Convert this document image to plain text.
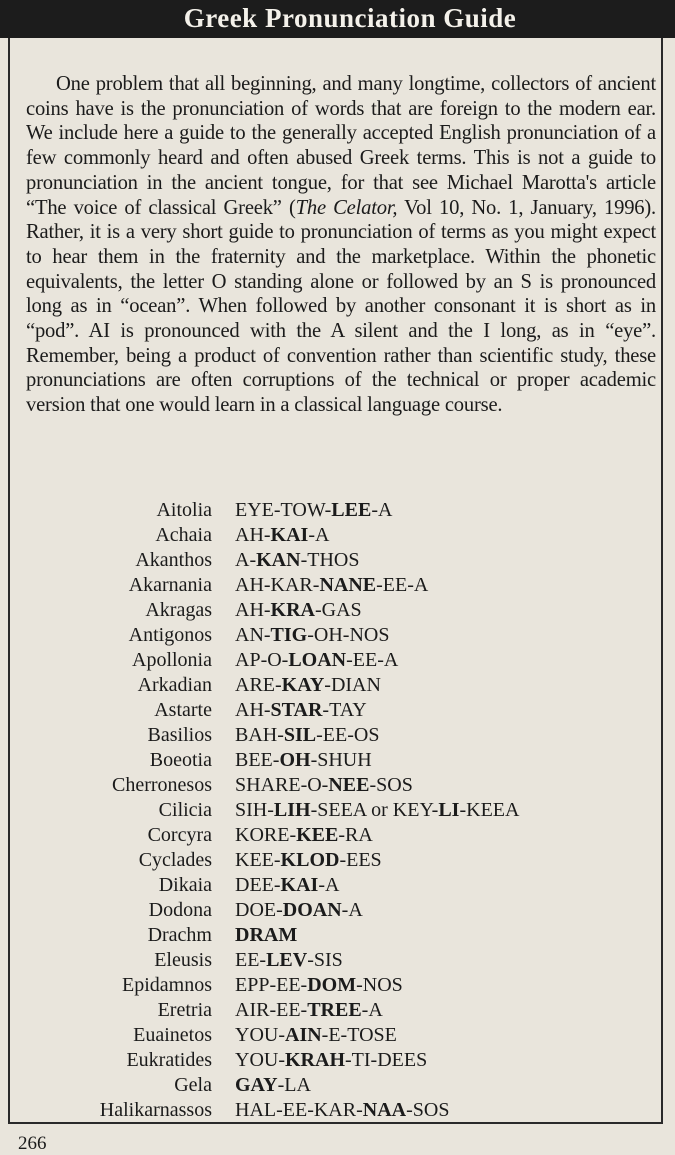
Greek Pronunciation Guide

One problem that all beginning, and many longtime, collectors of ancient coins have is the pronunciation of words that are foreign to the modern ear. We include here a guide to the generally accepted English pronunciation of a few commonly heard and often abused Greek terms. This is not a guide to pronunciation in the ancient tongue, for that see Michael Marotta's article “The voice of classical Greek” (The Celator, Vol 10, No. 1, January, 1996). Rather, it is a very short guide to pronunciation of terms as you might expect to hear them in the fraternity and the marketplace. Within the phonetic equivalents, the letter O standing alone or followed by an S is pronounced long as in “ocean”. When followed by another consonant it is short as in “pod”. AI is pronounced with the A silent and the I long, as in “eye”. Remember, being a product of convention rather than scientific study, these pronunciations are often corruptions of the technical or proper academic version that one would learn in a classical language course.

Aitolia EYE-TOW-LEE-A
Achaia AH-KAI-A
Akanthos A-KAN-THOS
Akarnania AH-KAR-NANE-EE-A
Akragas AH-KRA-GAS
Antigonos AN-TIG-OH-NOS
Apollonia AP-O-LOAN-EE-A
Arkadian ARE-KAY-DIAN
Astarte AH-STAR-TAY
Basilios BAH-SIL-EE-OS
Boeotia BEE-OH-SHUH
Cherronesos SHARE-O-NEE-SOS
Cilicia SIH-LIH-SEEA or KEY-LI-KEEA
Corcyra KORE-KEE-RA
Cyclades KEE-KLOD-EES
Dikaia DEE-KAI-A
Dodona DOE-DOAN-A
Drachm DRAM
Eleusis EE-LEV-SIS
Epidamnos EPP-EE-DOM-NOS
Eretria AIR-EE-TREE-A
Euainetos YOU-AIN-E-TOSE
Eukratides YOU-KRAH-TI-DEES
Gela GAY-LA
Halikarnassos HAL-EE-KAR-NAA-SOS
266
